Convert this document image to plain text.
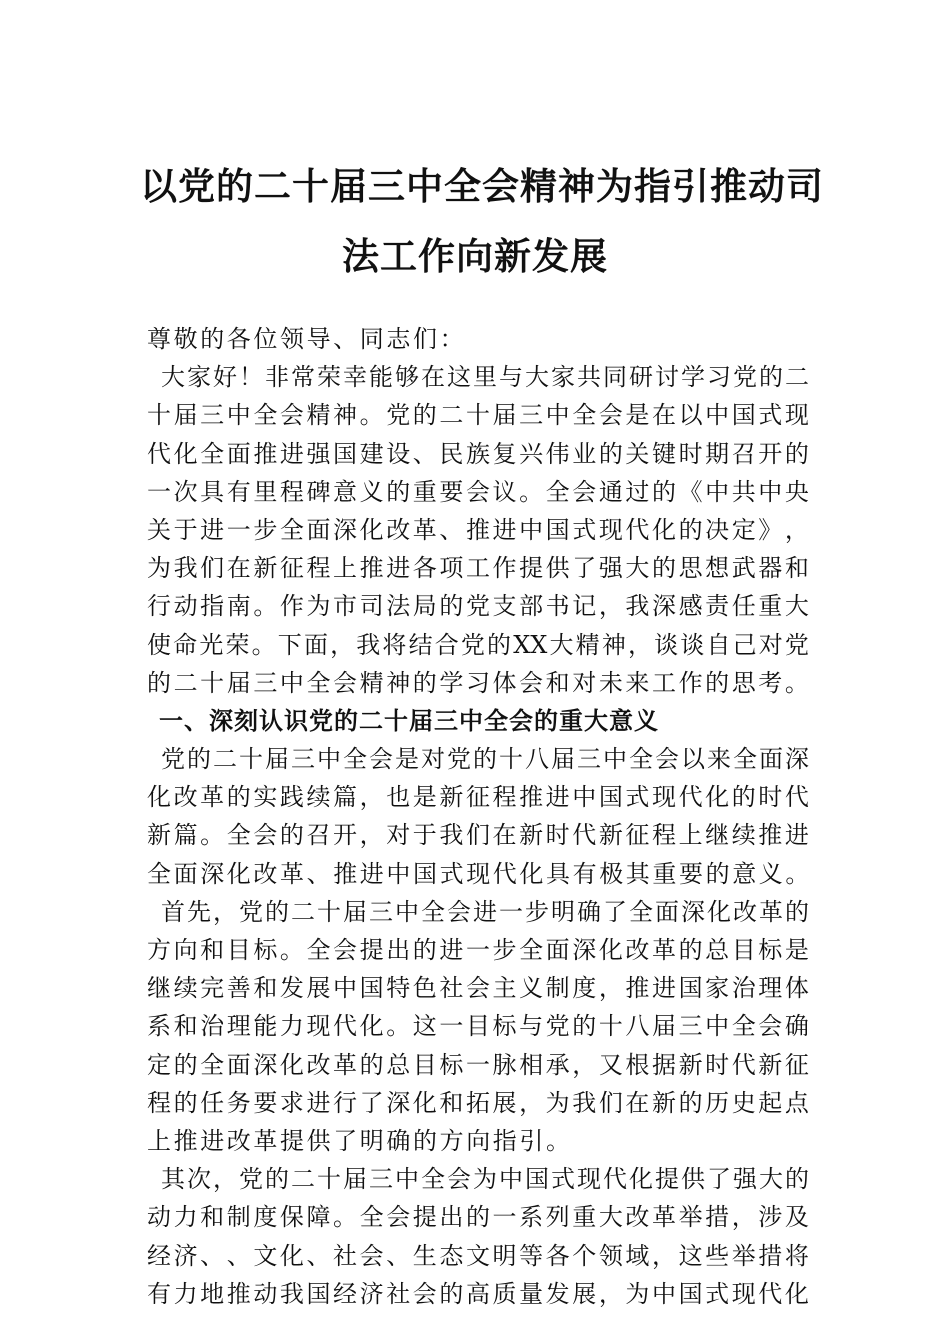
以党的二十届三中全会精神为指引推动司
法工作向新发展
尊敬的各位领导、同志们：
大 家 好 ！ 非 常 荣 幸 能 够 在 这 里 与 大 家 共 同 研 讨 学 习 党 的 二
十 届 三 中 全 会 精 神 。 党 的 二 十 届 三 中 全 会 是 在 以 中 国 式 现
代 化 全 面 推 进 强 国 建 设 、 民 族 复 兴 伟 业 的 关 键 时 期 召 开 的
一 次 具 有 里 程 碑 意 义 的 重 要 会 议 。 全 会 通 过 的 《 中 共 中 央
关 于 进 一 步 全 面 深 化 改 革 、 推 进 中 国 式 现 代 化 的 决 定 》 ，
为 我 们 在 新 征 程 上 推 进 各 项 工 作 提 供 了 强 大 的 思 想 武 器 和
行 动 指 南 。 作 为 市 司 法 局 的 党 支 部 书 记 ， 我 深 感 责 任 重 大
使 命 光 荣 。 下 面 ， 我 将 结 合 党 的 XX 大 精 神 ， 谈 谈 自 己 对 党
的 二 十 届 三 中 全 会 精 神 的 学 习 体 会 和 对 未 来 工 作 的 思 考 。
一、深刻认识党的二十届三中全会的重大意义
党 的 二 十 届 三 中 全 会 是 对 党 的 十 八 届 三 中 全 会 以 来 全 面 深
化 改 革 的 实 践 续 篇 ， 也 是 新 征 程 推 进 中 国 式 现 代 化 的 时 代
新 篇 。 全 会 的 召 开 ， 对 于 我 们 在 新 时 代 新 征 程 上 继 续 推 进
全面深化改革、推进中国式现代化具有极其重要的意义。
首 先 ， 党 的 二 十 届 三 中 全 会 进 一 步 明 确 了 全 面 深 化 改 革 的
方 向 和 目 标 。 全 会 提 出 的 进 一 步 全 面 深 化 改 革 的 总 目 标 是
继 续 完 善 和 发 展 中 国 特 色 社 会 主 义 制 度 ， 推 进 国 家 治 理 体
系 和 治 理 能 力 现 代 化 。 这 一 目 标 与 党 的 十 八 届 三 中 全 会 确
定 的 全 面 深 化 改 革 的 总 目 标 一 脉 相 承 ， 又 根 据 新 时 代 新 征
程 的 任 务 要 求 进 行 了 深 化 和 拓 展 ， 为 我 们 在 新 的 历 史 起 点
上推进改革提供了明确的方向指引。
其 次 ， 党 的 二 十 届 三 中 全 会 为 中 国 式 现 代 化 提 供 了 强 大 的
动 力 和 制 度 保 障 。 全 会 提 出 的 一 系 列 重 大 改 革 举 措 ， 涉 及
经 济 、 、 文 化 、 社 会 、 生 态 文 明 等 各 个 领 域 ， 这 些 举 措 将
有 力 地 推 动 我 国 经 济 社 会 的 高 质 量 发 展 ， 为 中 国 式 现 代 化
